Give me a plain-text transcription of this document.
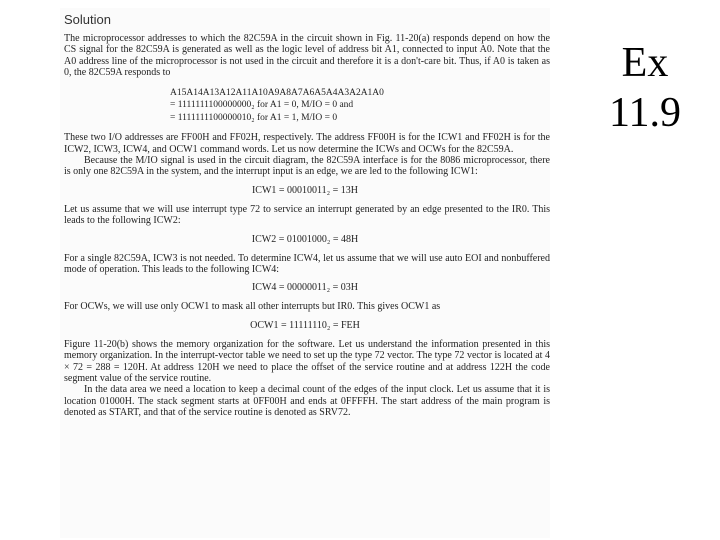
Solution

The microprocessor addresses to which the 82C59A in the circuit shown in Fig. 11-20(a) responds depend on how the CS signal for the 82C59A is generated as well as the logic level of address bit A1, connected to input A0. Note that the A0 address line of the microprocessor is not used in the circuit and therefore it is a don't-care bit. Thus, if A0 is taken as 0, the 82C59A responds to

A15A14A13A12A11A10A9A8A7A6A5A4A3A2A1A0
= 1111111100000000₂ for A1 = 0, M/IO = 0 and
= 1111111100000010₂ for A1 = 1, M/IO = 0

These two I/O addresses are FF00H and FF02H, respectively. The address FF00H is for the ICW1 and FF02H is for the ICW2, ICW3, ICW4, and OCW1 command words. Let us now determine the ICWs and OCWs for the 82C59A.

Because the M/IO signal is used in the circuit diagram, the 82C59A interface is for the 8086 microprocessor, there is only one 82C59A in the system, and the interrupt input is an edge, we are led to the following ICW1:

ICW1 = 00010011₂ = 13H

Let us assume that we will use interrupt type 72 to service an interrupt generated by an edge presented to the IR0. This leads to the following ICW2:

ICW2 = 01001000₂ = 48H

For a single 82C59A, ICW3 is not needed. To determine ICW4, let us assume that we will use auto EOI and nonbuffered mode of operation. This leads to the following ICW4:

ICW4 = 00000011₂ = 03H

For OCWs, we will use only OCW1 to mask all other interrupts but IR0. This gives OCW1 as

OCW1 = 11111110₂ = FEH

Figure 11-20(b) shows the memory organization for the software. Let us understand the information presented in this memory organization. In the interrupt-vector table we need to set up the type 72 vector. The type 72 vector is located at 4 × 72 = 288 = 120H. At address 120H we need to place the offset of the service routine and at address 122H the code segment value of the service routine.

In the data area we need a location to keep a decimal count of the edges of the input clock. Let us assume that it is location 01000H. The stack segment starts at 0FF00H and ends at 0FFFFH. The start address of the main program is denoted as START, and that of the service routine is denoted as SRV72.

Ex
11.9
